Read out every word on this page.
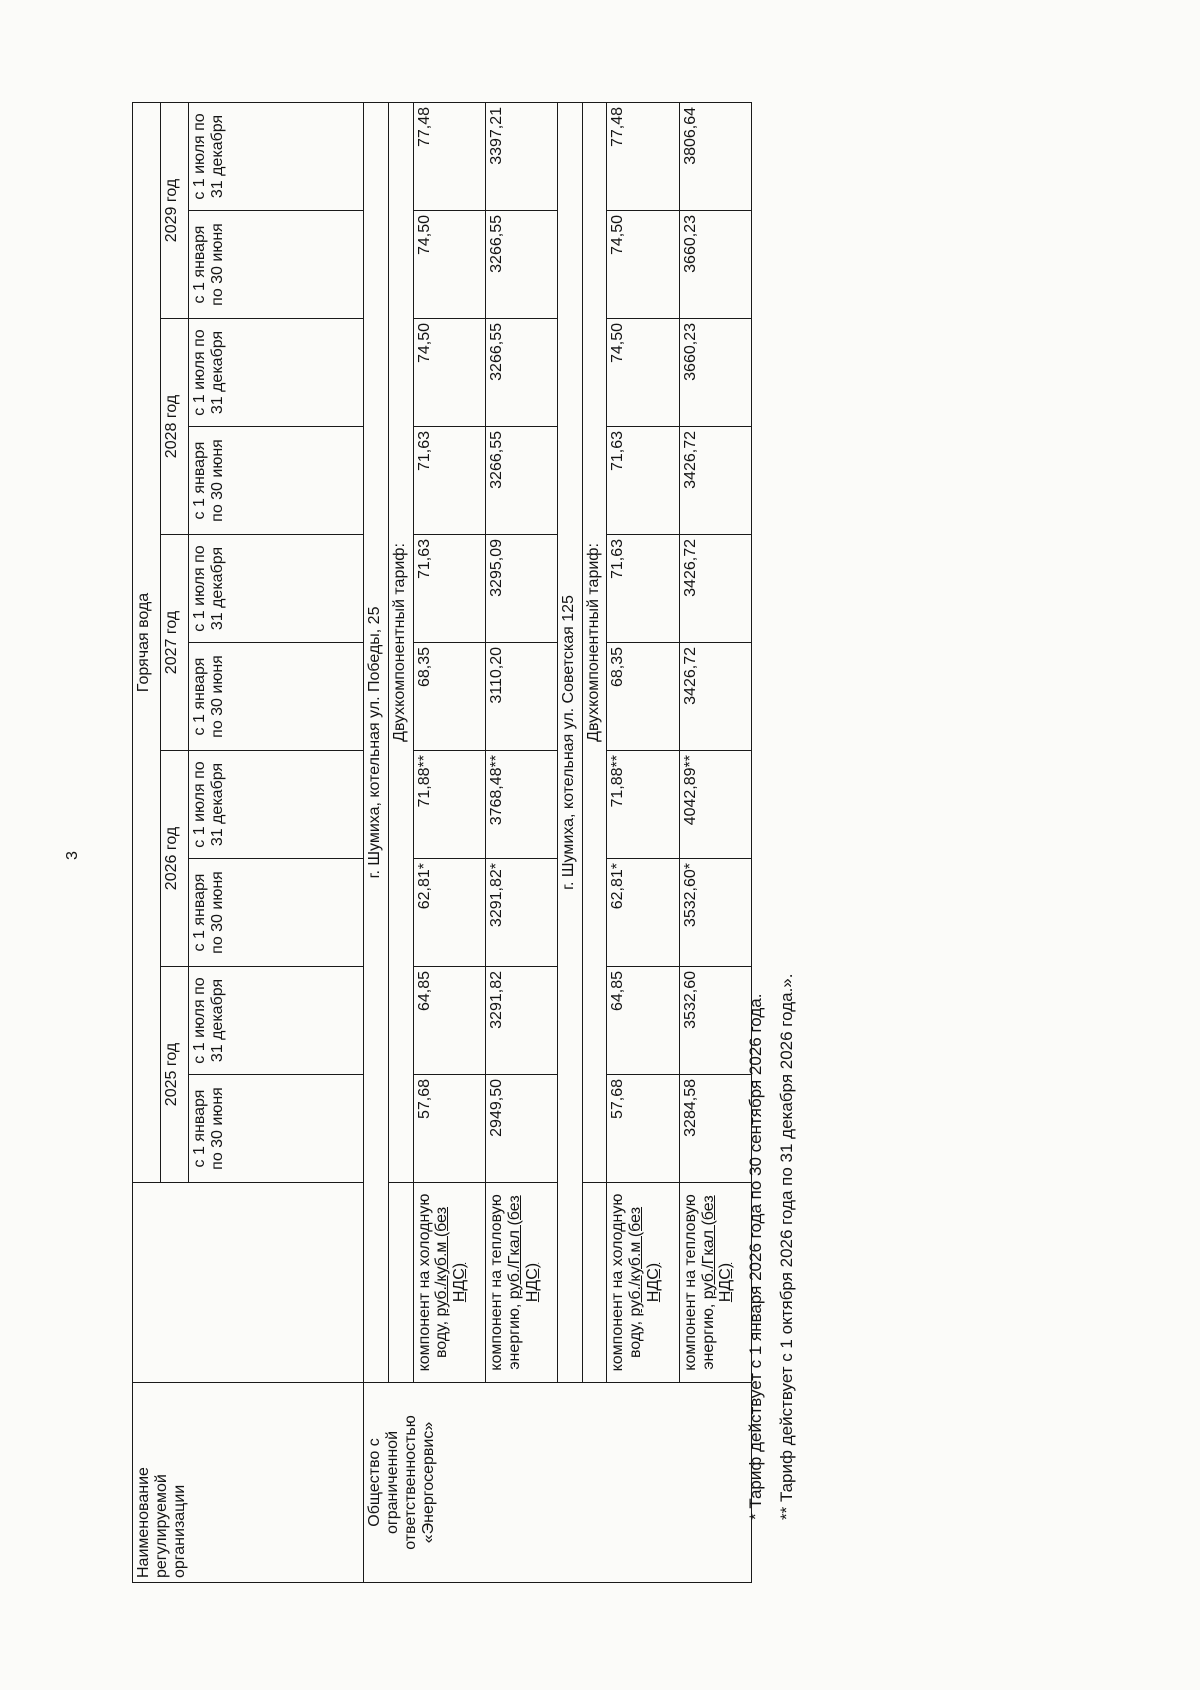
3
Наименование регулируемой организации		Горячая вода									
		2025 год		2026 год		2027 год		2028 год		2029 год	
		с 1 января по 30 июня	с 1 июля по 31 декабря	с 1 января по 30 июня	с 1 июля по 31 декабря	с 1 января по 30 июня	с 1 июля по 31 декабря	с 1 января по 30 июня	с 1 июля по 31 декабря	с 1 января по 30 июня	с 1 июля по 31 декабря
Общество с ограниченной ответственностью «Энергосервис»	г. Шумиха, котельная ул. Победы, 25										
		Двухкомпонентный тариф:									
	компонент на холодную воду, руб./куб.м (без НДС)	57,68	64,85	62,81*	71,88**	68,35	71,63	71,63	74,50	74,50	77,48
	компонент на тепловую энергию, руб./Гкал (без НДС)	2949,50	3291,82	3291,82*	3768,48**	3110,20	3295,09	3266,55	3266,55	3266,55	3397,21
	г. Шумиха, котельная ул. Советская 125										
		Двухкомпонентный тариф:									
	компонент на холодную воду, руб./куб.м (без НДС)	57,68	64,85	62,81*	71,88**	68,35	71,63	71,63	74,50	74,50	77,48
	компонент на тепловую энергию, руб./Гкал (без НДС)	3284,58	3532,60	3532,60*	4042,89**	3426,72	3426,72	3426,72	3660,23	3660,23	3806,64
* Тариф действует с 1 января 2026 года по 30 сентября 2026 года. ** Тариф действует с 1 октября 2026 года по 31 декабря 2026 года.».
